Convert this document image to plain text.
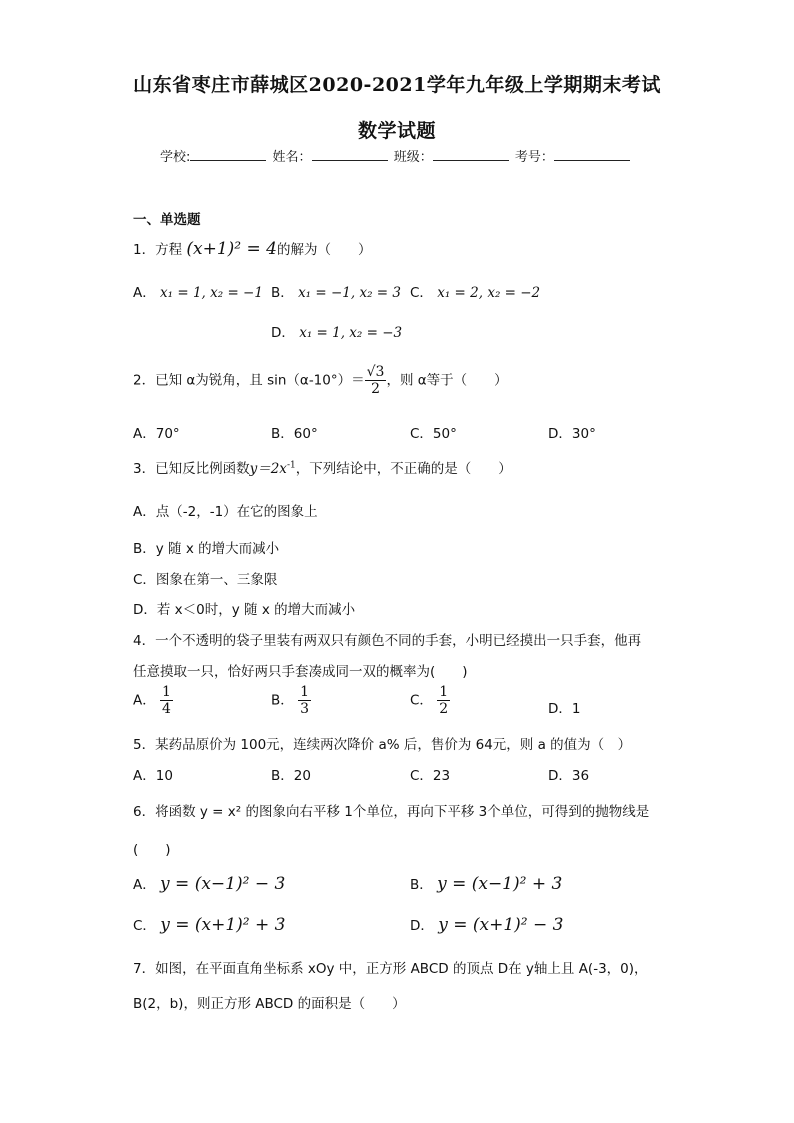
山东省枣庄市薛城区2020-2021学年九年级上学期期末考试
数学试题
学校:	姓名：	班级：	考号：
一、单选题
1．方程 (x+1)² = 4的解为（　　）
A． x₁ = 1, x₂ = −1 B． x₁ = −1, x₂ = 3 C． x₁ = 2, x₂ = −2
D． x₁ = 1, x₂ = −3
2．已知 α为锐角，且 $\sin(\alpha-10^\circ)= \frac{√3}{2}$ ，则 α等于（　　）
A．70°	B．60°	C．50°	D．30°
3．已知反比例函数$y=2x^{-1}$，下列结论中，不正确的是（　　）
A．点（-2，-1）在它的图象上
B．y 随 x 的增大而减小
C．图象在第一、三象限
D．若 x＜0时，y 随 x 的增大而减小
4．一个不透明的袋子里装有两双只有颜色不同的手套，小明已经摸出一只手套，他再
任意摸取一只，恰好两只手套凑成同一双的概率为(　　)
A． $\frac{1}{4}$	B． $\frac{1}{3}$	C． $\frac{1}{2}$	D．1
5．某药品原价为 100元，连续两次降价 a% 后，售价为 64元，则 a 的值为（　）
A．10	B．20	C．23	D．36
6．将函数 y = x² 的图象向右平移 1个单位，再向下平移 3个单位，可得到的抛物线是
(　　)
A． y = (x−1)² − 3	B． y = (x−1)² + 3
C． y = (x+1)² + 3	D． y = (x+1)² − 3
7．如图，在平面直角坐标系 xOy 中，正方形 ABCD 的顶点 D在 y轴上且 A(-3，0)，
B(2，b)，则正方形 ABCD 的面积是（　　）
